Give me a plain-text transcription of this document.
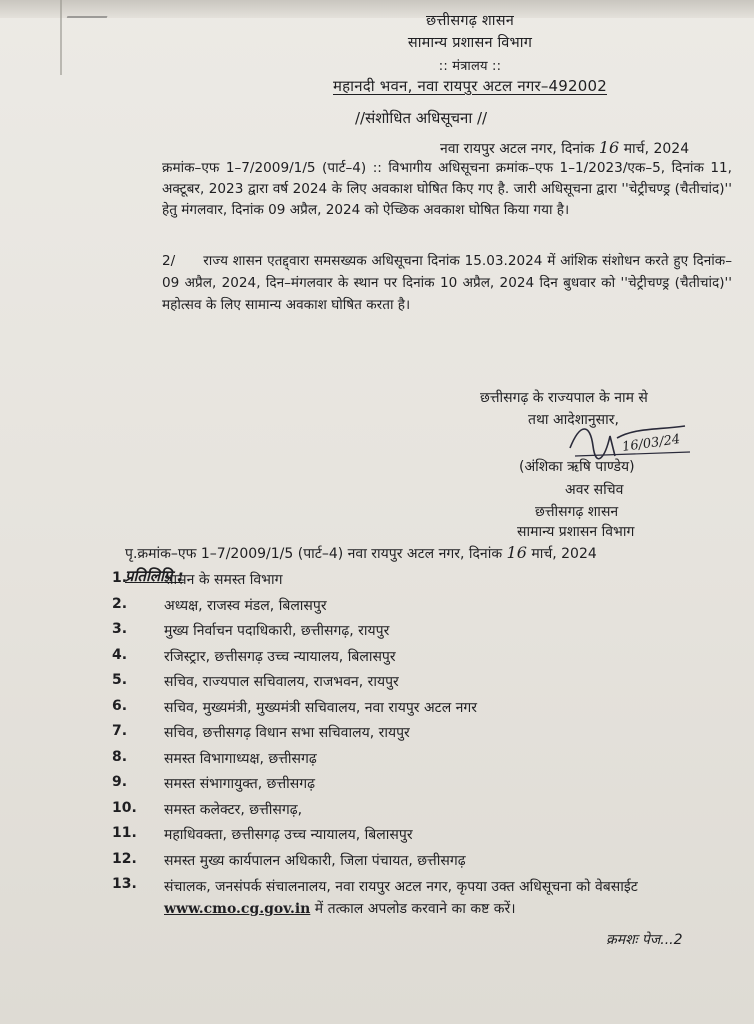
छत्तीसगढ़ शासन
सामान्य प्रशासन विभाग
:: मंत्रालय ::
महानदी भवन, नवा रायपुर अटल नगर–492002
//संशोधित अधिसूचना //
नवा रायपुर अटल नगर, दिनांक 16 मार्च, 2024
क्रमांक–एफ 1–7/2009/1/5 (पार्ट–4) :: विभागीय अधिसूचना क्रमांक–एफ 1–1/2023/एक–5, दिनांक 11, अक्टूबर, 2023 द्वारा वर्ष 2024 के लिए अवकाश घोषित किए गए है. जारी अधिसूचना द्वारा ''चेट्रीचण्ड्र (चैतीचांद)'' हेतु मंगलवार, दिनांक 09 अप्रैल, 2024 को ऐच्छिक अवकाश घोषित किया गया है।
2/ राज्य शासन एतद्द्वारा समसख्यक अधिसूचना दिनांक 15.03.2024 में आंशिक संशोधन करते हुए दिनांक–09 अप्रैल, 2024, दिन–मंगलवार के स्थान पर दिनांक 10 अप्रैल, 2024 दिन बुधवार को ''चेट्रीचण्ड्र (चैतीचांद)'' महोत्सव के लिए सामान्य अवकाश घोषित करता है।
छत्तीसगढ़ के राज्यपाल के नाम से
तथा आदेशानुसार,
16/03/24
(अंशिका ऋषि पाण्डेय)
अवर सचिव
छत्तीसगढ़ शासन
सामान्य प्रशासन विभाग
पृ.क्रमांक–एफ 1–7/2009/1/5 (पार्ट–4) नवा रायपुर अटल नगर, दिनांक 16 मार्च, 2024
प्रतिलिपि :
1.	शासन के समस्त विभाग
2.	अध्यक्ष, राजस्व मंडल, बिलासपुर
3.	मुख्य निर्वाचन पदाधिकारी, छत्तीसगढ़, रायपुर
4.	रजिस्ट्रार, छत्तीसगढ़ उच्च न्यायालय, बिलासपुर
5.	सचिव, राज्यपाल सचिवालय, राजभवन, रायपुर
6.	सचिव, मुख्यमंत्री, मुख्यमंत्री सचिवालय, नवा रायपुर अटल नगर
7.	सचिव, छत्तीसगढ़ विधान सभा सचिवालय, रायपुर
8.	समस्त विभागाध्यक्ष, छत्तीसगढ़
9.	समस्त संभागायुक्त, छत्तीसगढ़
10.	समस्त कलेक्टर, छत्तीसगढ़,
11.	महाधिवक्ता, छत्तीसगढ़ उच्च न्यायालय, बिलासपुर
12.	समस्त मुख्य कार्यपालन अधिकारी, जिला पंचायत, छत्तीसगढ़
13.	संचालक, जनसंपर्क संचालनालय, नवा रायपुर अटल नगर, कृपया उक्त अधिसूचना को वेबसाईट www.cmo.cg.gov.in में तत्काल अपलोड करवाने का कष्ट करें।
क्रमशः पेज...2
